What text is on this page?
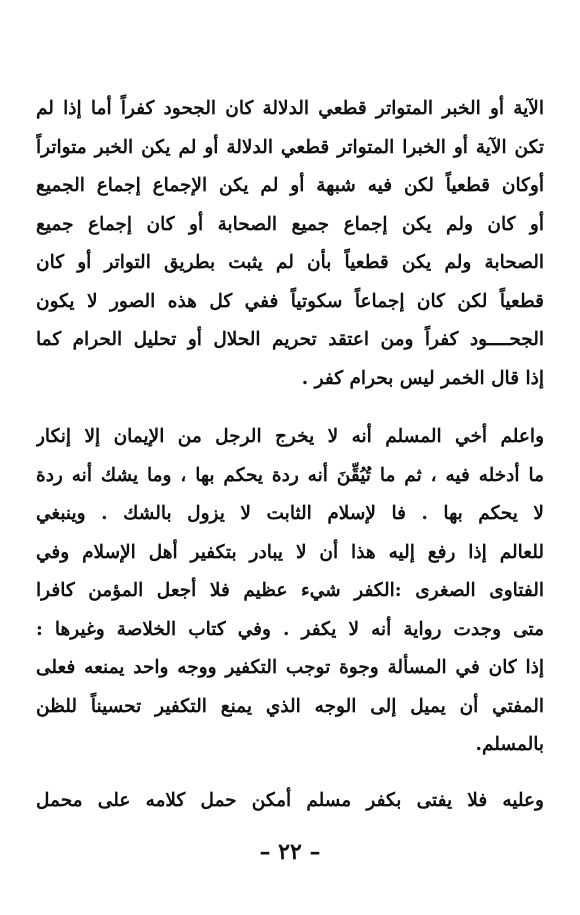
الآية أو الخبر المتواتر قطعي الدلالة كان الجحود كفراً أما إذا لم
تكن الآية أو الخبرا المتواتر قطعي الدلالة أو لم يكن الخبر متواتراً
أوكان قطعياً لكن فيه شبهة أو لم يكن الإجماع إجماع الجميع
أو كان ولم يكن إجماع جميع الصحابة أو كان إجماع جميع
الصحابة ولم يكن قطعياً بأن لم يثبت بطريق التواتر أو كان
قطعياً لكن كان إجماعاً سكوتياً ففي كل هذه الصور لا يكون
الجحــــود كفراً ومن اعتقد تحريم الحلال أو تحليل الحرام كما
إذا قال الخمر ليس بحرام كفر .
واعلم أخي المسلم أنه لا يخرج الرجل من الإيمان إلا إنكار
ما أدخله فيه ، ثم ما تُيُقِّنَ أنه ردة يحكم بها ، وما يشك أنه ردة
لا يحكم بها . فا لإسلام الثابت لا يزول بالشك . وينبغي
للعالم إذا رفع إليه هذا أن لا يبادر بتكفير أهل الإسلام وفي
الفتاوى الصغرى :الكفر شيء عظيم فلا أجعل المؤمن كافرا
متى وجدت رواية أنه لا يكفر . وفي كتاب الخلاصة وغيرها :
إذا كان في المسألة وجوة توجب التكفير ووجه واحد يمنعه فعلى
المفتي أن يميل إلى الوجه الذي يمنع التكفير تحسيناً للظن
بالمسلم.
وعليه فلا يفتى بكفر مسلم أمكن حمل كلامه على محمل
– ٢٢ –
